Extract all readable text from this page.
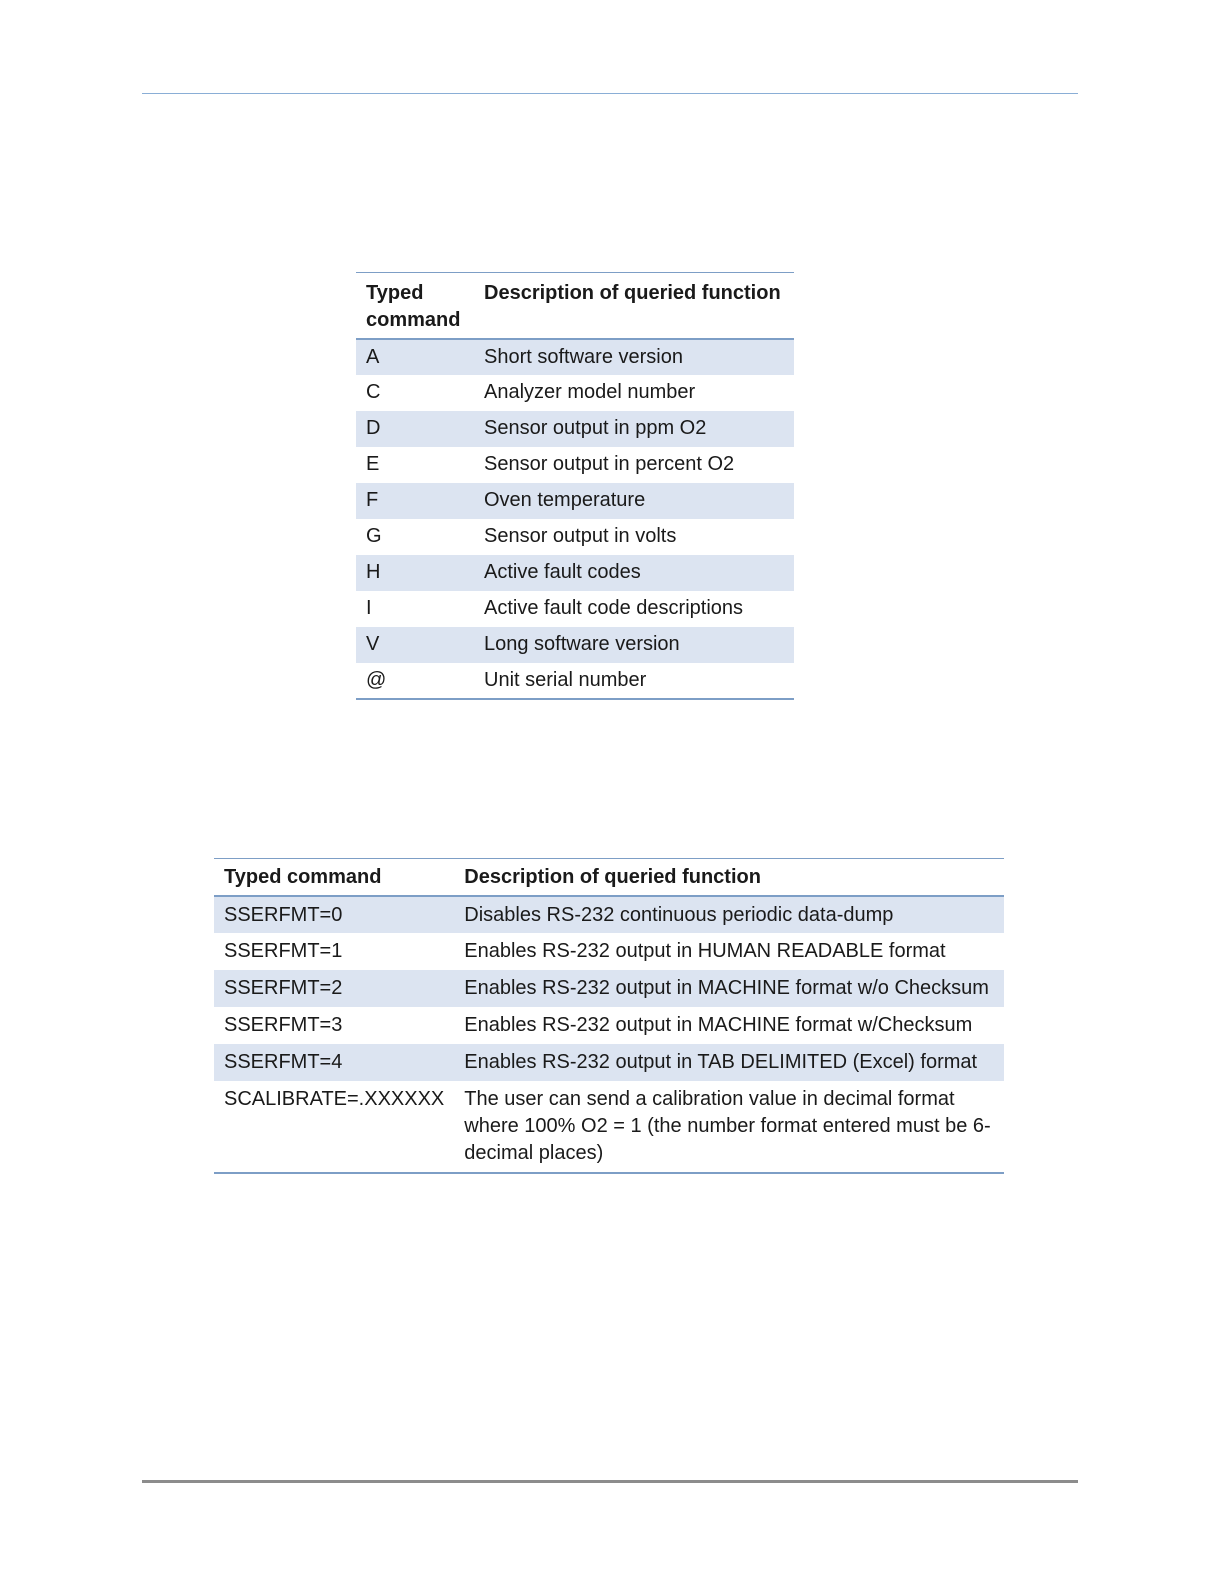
Typed command	Description of queried function
A	Short software version
C	Analyzer model number
D	Sensor output in ppm O2
E	Sensor output in percent O2
F	Oven temperature
G	Sensor output in volts
H	Active fault codes
I	Active fault code descriptions
V	Long software version
@	Unit serial number
Typed command	Description of queried function
SSERFMT=0	Disables RS-232 continuous periodic data-dump
SSERFMT=1	Enables RS-232 output in HUMAN READABLE format
SSERFMT=2	Enables RS-232 output in MACHINE format w/o Checksum
SSERFMT=3	Enables RS-232 output in MACHINE format w/Checksum
SSERFMT=4	Enables RS-232 output in TAB DELIMITED (Excel) format
SCALIBRATE=.XXXXXX	The user can send a calibration value in decimal format where 100% O2 = 1 (the number format entered must be 6-decimal places)
